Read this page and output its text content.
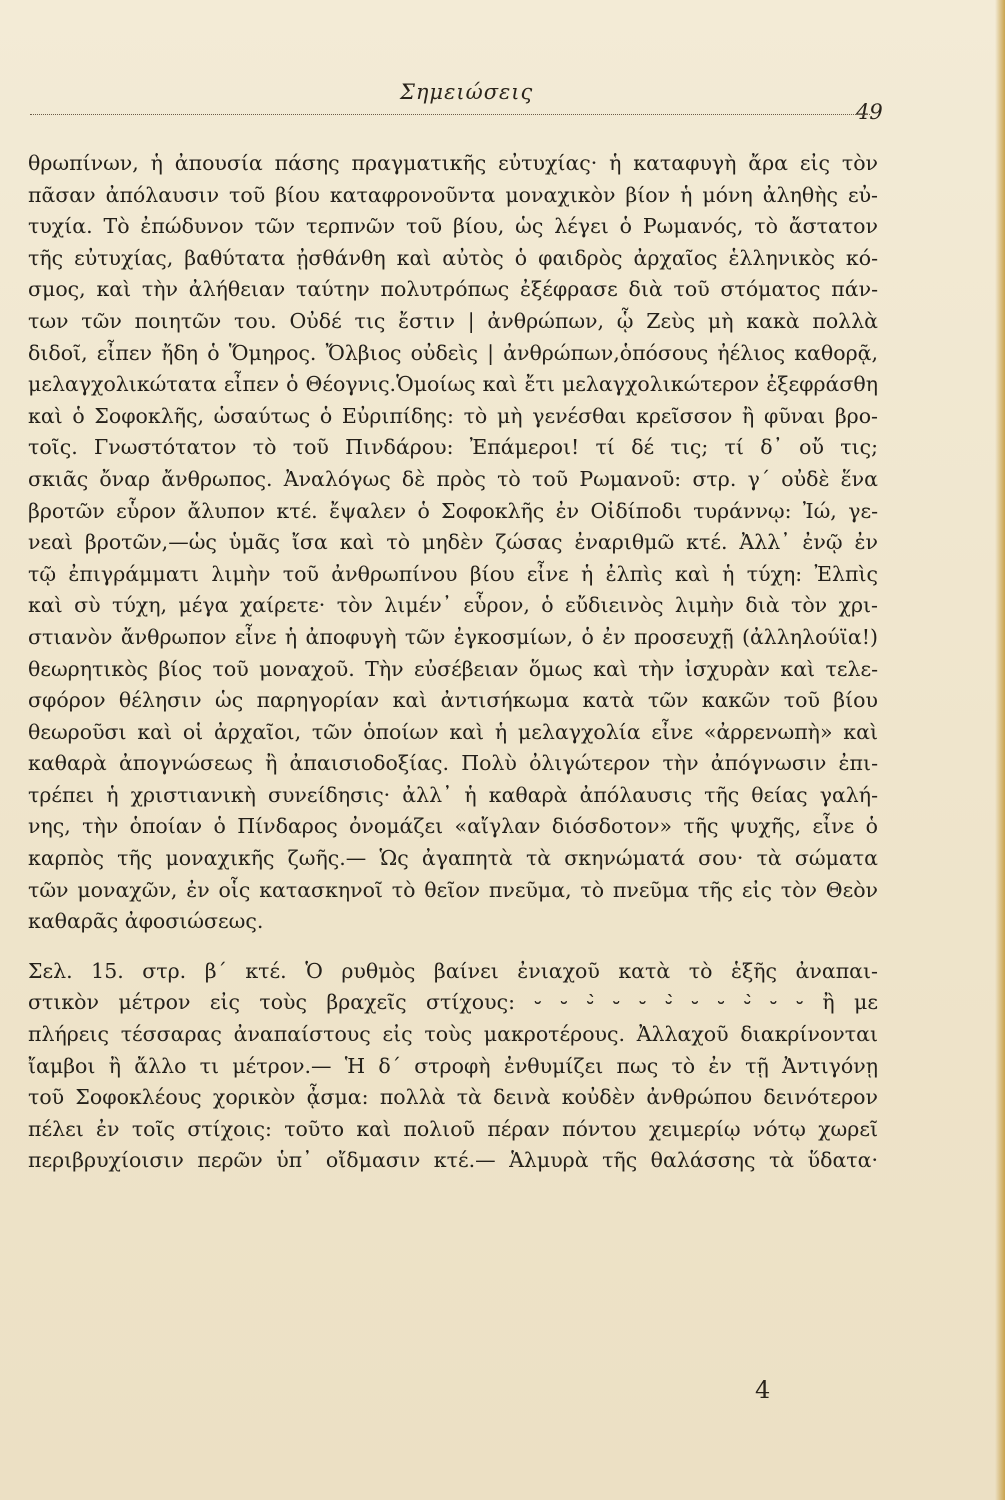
Σημειώσεις
49
θρωπίνων, ἡ ἀπουσία πάσης πραγματικῆς εὐτυχίας· ἡ καταφυγὴ ἄρα εἰς τὸν
πᾶσαν ἀπόλαυσιν τοῦ βίου καταφρονοῦντα μοναχικὸν βίον ἡ μόνη ἀληθὴς εὐ-
τυχία. Τὸ ἐπώδυνον τῶν τερπνῶν τοῦ βίου, ὡς λέγει ὁ Ρωμανός, τὸ ἄστατον
τῆς εὐτυχίας, βαθύτατα ᾐσθάνθη καὶ αὐτὸς ὁ φαιδρὸς ἀρχαῖος ἑλληνικὸς κό-
σμος, καὶ τὴν ἀλήθειαν ταύτην πολυτρόπως ἐξέφρασε διὰ τοῦ στόματος πάν-
των τῶν ποιητῶν του. Οὐδέ τις ἔστιν | ἀνθρώπων, ᾧ Ζεὺς μὴ κακὰ πολλὰ
διδοῖ, εἶπεν ἤδη ὁ Ὅμηρος. Ὄλβιος οὐδεὶς | ἀνθρώπων,ὁπόσους ἠέλιος καθορᾷ,
μελαγχολικώτατα εἶπεν ὁ Θέογνις.Ὁμοίως καὶ ἔτι μελαγχολικώτερον ἐξεφράσθη
καὶ ὁ Σοφοκλῆς, ὡσαύτως ὁ Εὐριπίδης: τὸ μὴ γενέσθαι κρεῖσσον ἢ φῦναι βρο-
τοῖς. Γνωστότατον τὸ τοῦ Πινδάρου: Ἐπάμεροι! τί δέ τις; τί δ᾽ οὔ τις;
σκιᾶς ὄναρ ἄνθρωπος. Ἀναλόγως δὲ πρὸς τὸ τοῦ Ρωμανοῦ: στρ. γ´ οὐδὲ ἕνα
βροτῶν εὗρον ἄλυπον κτέ. ἔψαλεν ὁ Σοφοκλῆς ἐν Οἰδίποδι τυράννῳ: Ἰώ, γε-
νεαὶ βροτῶν,—ὡς ὑμᾶς ἴσα καὶ τὸ μηδὲν ζώσας ἐναριθμῶ κτέ. Ἀλλ᾽ ἐνῷ ἐν
τῷ ἐπιγράμματι λιμὴν τοῦ ἀνθρωπίνου βίου εἶνε ἡ ἐλπὶς καὶ ἡ τύχη: Ἐλπὶς
καὶ σὺ τύχη, μέγα χαίρετε· τὸν λιμέν᾽ εὗρον, ὁ εὔδιεινὸς λιμὴν διὰ τὸν χρι-
στιανὸν ἄνθρωπον εἶνε ἡ ἀποφυγὴ τῶν ἐγκοσμίων, ὁ ἐν προσευχῇ (ἀλληλούϊα!)
θεωρητικὸς βίος τοῦ μοναχοῦ. Τὴν εὐσέβειαν ὅμως καὶ τὴν ἰσχυρὰν καὶ τελε-
σφόρον θέλησιν ὡς παρηγορίαν καὶ ἀντισήκωμα κατὰ τῶν κακῶν τοῦ βίου
θεωροῦσι καὶ οἱ ἀρχαῖοι, τῶν ὁποίων καὶ ἡ μελαγχολία εἶνε «ἀρρενωπὴ» καὶ
καθαρὰ ἀπογνώσεως ἢ ἀπαισιοδοξίας. Πολὺ ὀλιγώτερον τὴν ἀπόγνωσιν ἐπι-
τρέπει ἡ χριστιανικὴ συνείδησις· ἀλλ᾽ ἡ καθαρὰ ἀπόλαυσις τῆς θείας γαλή-
νης, τὴν ὁποίαν ὁ Πίνδαρος ὀνομάζει «αἴγλαν διόσδοτον» τῆς ψυχῆς, εἶνε ὁ
καρπὸς τῆς μοναχικῆς ζωῆς.— Ὡς ἀγαπητὰ τὰ σκηνώματά σου· τὰ σώματα
τῶν μοναχῶν, ἐν οἷς κατασκηνοῖ τὸ θεῖον πνεῦμα, τὸ πνεῦμα τῆς εἰς τὸν Θεὸν
καθαρᾶς ἀφοσιώσεως.
Σελ. 15. στρ. β´ κτέ. Ὁ ρυθμὸς βαίνει ἐνιαχοῦ κατὰ τὸ ἑξῆς ἀναπαι-
στικὸν μέτρον εἰς τοὺς βραχεῖς στίχους: ⏑ ⏑ ⏑́ ⏑ ⏑ ⏑́ ⏑ ⏑ ⏑́ ⏑ ⏑ ἢ με
πλήρεις τέσσαρας ἀναπαίστους εἰς τοὺς μακροτέρους. Ἀλλαχοῦ διακρίνονται
ἴαμβοι ἢ ἄλλο τι μέτρον.— Ἡ δ´ στροφὴ ἐνθυμίζει πως τὸ ἐν τῇ Ἀντιγόνῃ
τοῦ Σοφοκλέους χορικὸν ᾆσμα: πολλὰ τὰ δεινὰ κοὐδὲν ἀνθρώπου δεινότερον
πέλει ἐν τοῖς στίχοις: τοῦτο καὶ πολιοῦ πέραν πόντου χειμερίῳ νότῳ χωρεῖ
περιβρυχίοισιν περῶν ὑπ᾽ οἴδμασιν κτέ.— Ἁλμυρὰ τῆς θαλάσσης τὰ ὕδατα·
4
